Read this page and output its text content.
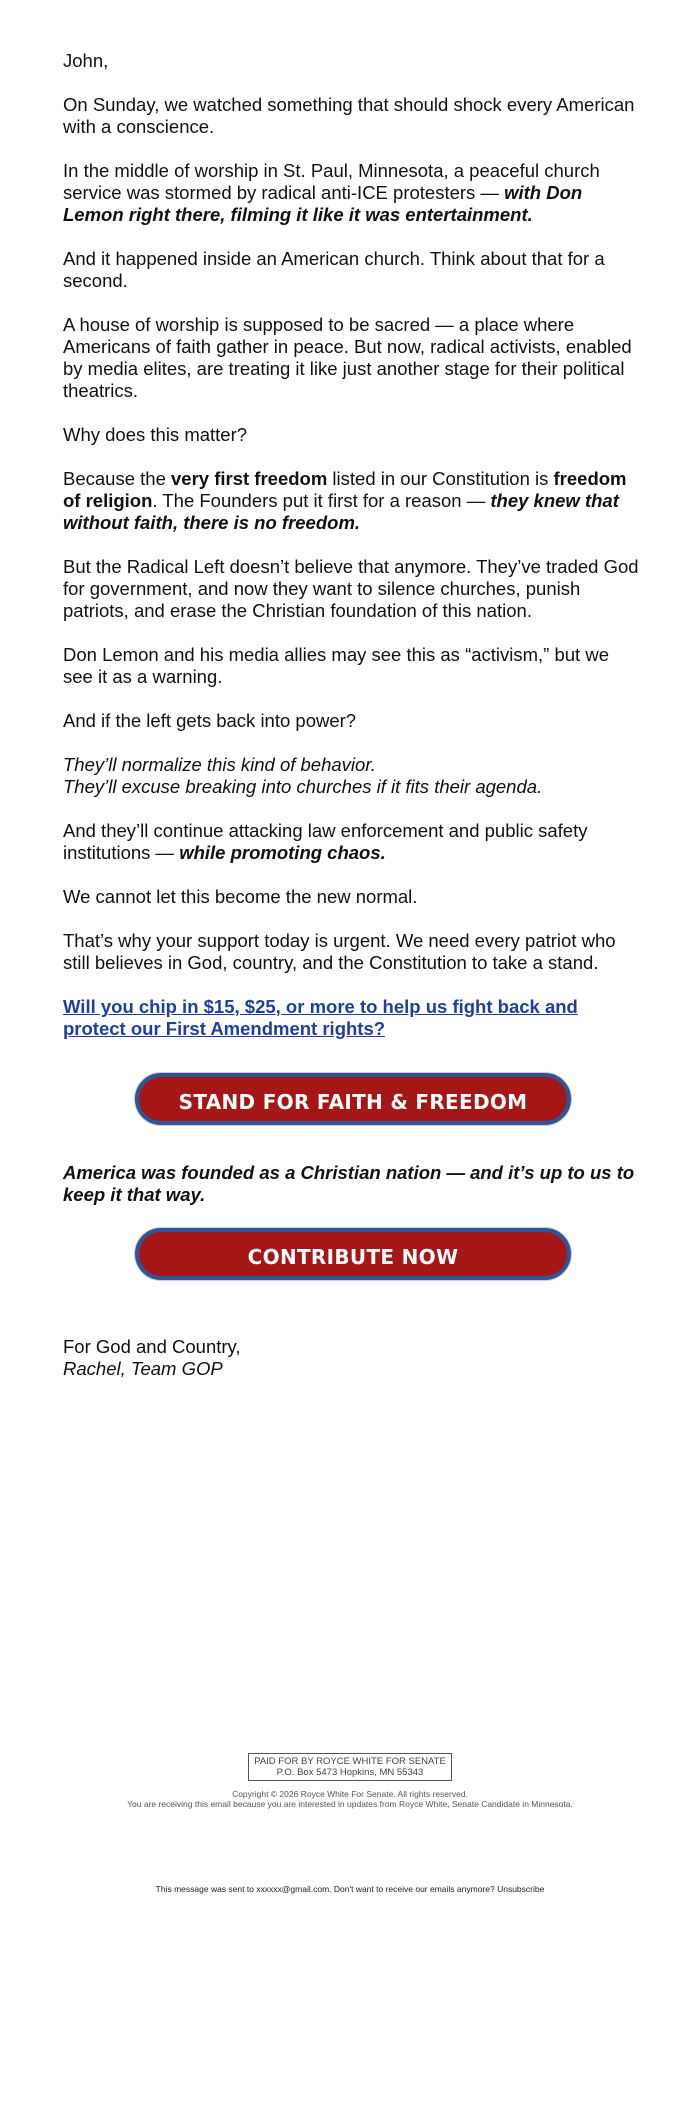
John,

On Sunday, we watched something that should shock every American with a conscience.

In the middle of worship in St. Paul, Minnesota, a peaceful church service was stormed by radical anti-ICE protesters — with Don Lemon right there, filming it like it was entertainment.

And it happened inside an American church. Think about that for a second.

A house of worship is supposed to be sacred — a place where Americans of faith gather in peace. But now, radical activists, enabled by media elites, are treating it like just another stage for their political theatrics.

Why does this matter?

Because the very first freedom listed in our Constitution is freedom of religion. The Founders put it first for a reason — they knew that without faith, there is no freedom.

But the Radical Left doesn’t believe that anymore. They’ve traded God for government, and now they want to silence churches, punish patriots, and erase the Christian foundation of this nation.

Don Lemon and his media allies may see this as “activism,” but we see it as a warning.

And if the left gets back into power?

They’ll normalize this kind of behavior.
They’ll excuse breaking into churches if it fits their agenda.

And they’ll continue attacking law enforcement and public safety institutions — while promoting chaos.

We cannot let this become the new normal.

That’s why your support today is urgent. We need every patriot who still believes in God, country, and the Constitution to take a stand.

Will you chip in $15, $25, or more to help us fight back and protect our First Amendment rights?
STAND FOR FAITH & FREEDOM

America was founded as a Christian nation — and it’s up to us to keep it that way.

CONTRIBUTE NOW
For God and Country,
Rachel, Team GOP
PAID FOR BY ROYCE WHITE FOR SENATE
P.O. Box 5473 Hopkins, MN 55343
Copyright © 2026 Royce White For Senate. All rights reserved.
You are receiving this email because you are interested in updates from Royce White, Senate Candidate in Minnesota.
This message was sent to xxxxxx@gmail.com. Don't want to receive our emails anymore? Unsubscribe
